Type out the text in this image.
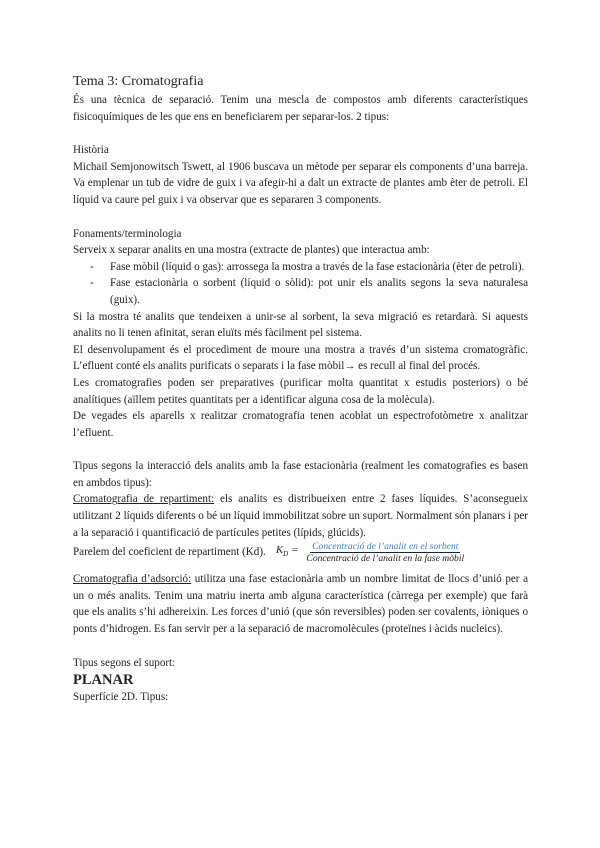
Tema 3: Cromatografia

És una tècnica de separació. Tenim una mescla de compostos amb diferents característiques fisicoquímiques de les que ens en beneficiarem per separar-los. 2 tipus:

Història

Michail Semjonowitsch Tswett, al 1906 buscava un mètode per separar els components d’una barreja. Va emplenar un tub de vidre de guix i va afegir-hi a dalt un extracte de plantes amb èter de petroli. El líquid va caure pel guix i va observar que es separaren 3 components.

Fonaments/terminologia

Serveix x separar analits en una mostra (extracte de plantes) que interactua amb:

- Fase mòbil (líquid o gas): arrossega la mostra a través de la fase estacionària (èter de petroli).
- Fase estacionària o sorbent (líquid o sòlid): pot unir els analits segons la seva naturalesa (guix).

Si la mostra té analits que tendeixen a unir-se al sorbent, la seva migració es retardarà. Si aquests analits no li tenen afinitat, seran eluïts més fàcilment pel sistema.

El desenvolupament és el procediment de moure una mostra a través d’un sistema cromatogràfic. L’efluent conté els analits purificats o separats i la fase mòbil→ es recull al final del procés.

Les cromatografies poden ser preparatives (purificar molta quantitat x estudis posteriors) o bé analítiques (aïllem petites quantitats per a identificar alguna cosa de la molècula).

De vegades els aparells x realitzar cromatografia tenen acoblat un espectrofotòmetre x analitzar l’efluent.

Tipus segons la interacció dels analits amb la fase estacionària (realment les comatografies es basen en ambdos tipus):

Cromatografia de repartiment: els analits es distribueixen entre 2 fases líquides. S’aconsegueix utilitzant 2 líquids diferents o bé un líquid immobilitzat sobre un suport. Normalment són planars i per a la separació i quantificació de partícules petites (lípids, glúcids).

Parelem del coeficient de repartiment (Kd). $K_D = \frac{\text{Concentració de l’analit en el sorbent}}{\text{Concentració de l’analit en la fase mòbil}}$

Cromatografia d’adsorció: utilitza una fase estacionària amb un nombre limitat de llocs d’unió per a un o més analits. Tenim una matriu inerta amb alguna característica (càrrega per exemple) que farà que els analits s’hi adhereixin. Les forces d’unió (que són reversibles) poden ser covalents, iòniques o ponts d’hidrogen. Es fan servir per a la separació de macromolècules (proteïnes i àcids nucleics).

Tipus segons el suport:

PLANAR

Superfície 2D. Tipus:
